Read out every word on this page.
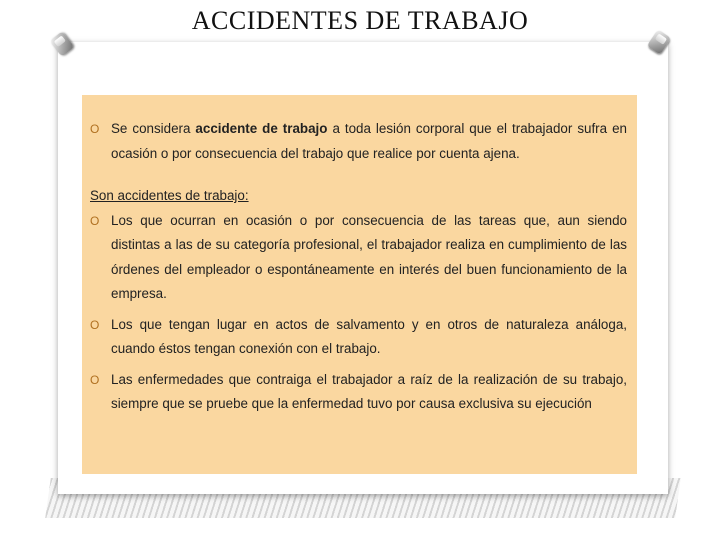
ACCIDENTES DE TRABAJO

O Se considera accidente de trabajo a toda lesión corporal que el trabajador sufra en ocasión o por consecuencia del trabajo que realice por cuenta ajena.

Son accidentes de trabajo:

O Los que ocurran en ocasión o por consecuencia de las tareas que, aun siendo distintas a las de su categoría profesional, el trabajador realiza en cumplimiento de las órdenes del empleador o espontáneamente en interés del buen funcionamiento de la empresa.

O Los que tengan lugar en actos de salvamento y en otros de naturaleza análoga, cuando éstos tengan conexión con el trabajo.

O Las enfermedades que contraiga el trabajador a raíz de la realización de su trabajo, siempre que se pruebe que la enfermedad tuvo por causa exclusiva su ejecución
